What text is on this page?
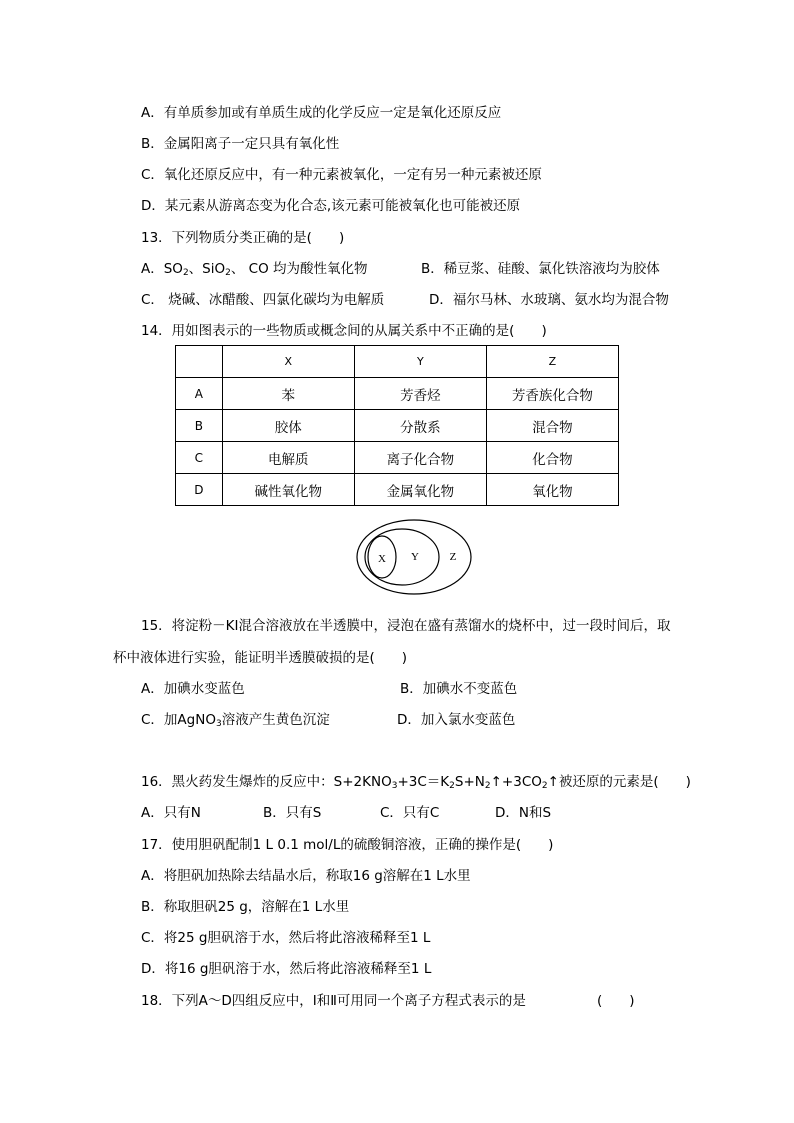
A．有单质参加或有单质生成的化学反应一定是氧化还原反应
B．金属阳离子一定只具有氧化性
C．氧化还原反应中，有一种元素被氧化，一定有另一种元素被还原
D．某元素从游离态变为化合态,该元素可能被氧化也可能被还原
13．下列物质分类正确的是(　　)
A．$SO_2$、SiO$_2$、 CO 均为酸性氧化物	B．稀豆浆、硅酸、氯化铁溶液均为胶体
C． 烧碱、冰醋酸、四氯化碳均为电解质	D．福尔马林、水玻璃、氨水均为混合物
14．用如图表示的一些物质或概念间的从属关系中不正确的是(　　)
	X	Y	Z
A	苯	芳香烃	芳香族化合物
B	胶体	分散系	混合物
C	电解质	离子化合物	化合物
D	碱性氧化物	金属氧化物	氧化物
X Y	Z
15．将淀粉－KI混合溶液放在半透膜中，浸泡在盛有蒸馏水的烧杯中，过一段时间后，取
杯中液体进行实验，能证明半透膜破损的是(　　)
A．加碘水变蓝色	B．加碘水不变蓝色
C．加AgNO$_3$溶液产生黄色沉淀	D．加入氯水变蓝色
16．黑火药发生爆炸的反应中：$S+2KNO_3+3C=K_2S+N_2↑+3CO_2↑$被还原的元素是(　　)
A．只有N	B．只有S	C．只有C	D．N和S
17．使用胆矾配制1 L 0.1 mol/L的硫酸铜溶液，正确的操作是(　　)
A．将胆矾加热除去结晶水后，称取16 g溶解在1 L水里
B．称取胆矾25 g，溶解在1 L水里
C．将25 g胆矾溶于水，然后将此溶液稀释至1 L
D．将16 g胆矾溶于水，然后将此溶液稀释至1 L
18．下列A～D四组反应中，Ⅰ和Ⅱ可用同一个离子方程式表示的是	(　　)
